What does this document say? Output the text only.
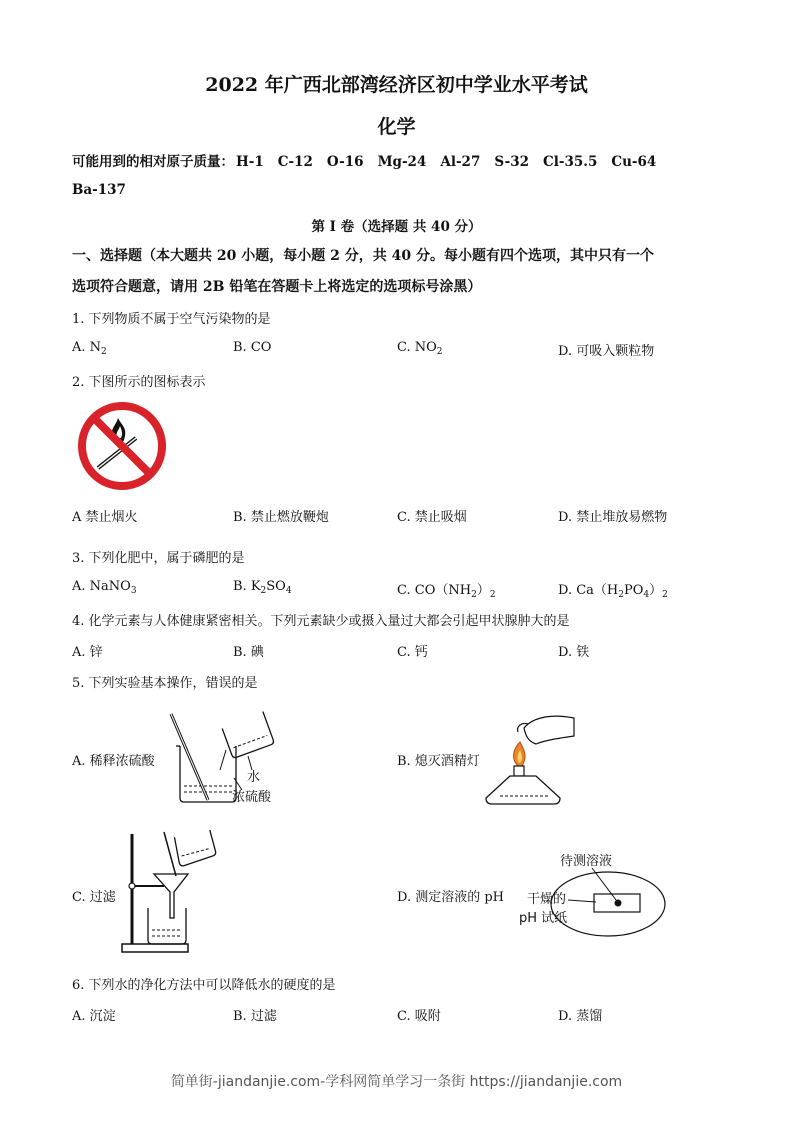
2022 年广西北部湾经济区初中学业水平考试
化学
可能用到的相对原子质量： H-1 C-12 O-16 Mg-24 Al-27 S-32 Cl-35.5 Cu-64
Ba-137
第 I 卷（选择题 共 40 分）
一、选择题（本大题共 20 小题，每小题 2 分，共 40 分。每小题有四个选项，其中只有一个
选项符合题意，请用 2B 铅笔在答题卡上将选定的选项标号涂黑）
1. 下列物质不属于空气污染物的是
A. $N_2$	B. CO	C. $NO_2$	D. 可吸入颗粒物
2. 下图所示的图标表示
A 禁止烟火	B. 禁止燃放鞭炮	C. 禁止吸烟	D. 禁止堆放易燃物
3. 下列化肥中，属于磷肥的是
A. NaNO$_3$	B. $K_2SO_4$	C. $CO(NH_2)_2$	D. $Ca(H_2PO_4)_2$
4. 化学元素与人体健康紧密相关。下列元素缺少或摄入量过大都会引起甲状腺肿大的是
A. 锌	B. 碘	C. 钙	D. 铁
5. 下列实验基本操作，错误的是
A. 稀释浓硫酸
水
浓硫酸
B. 熄灭酒精灯
C. 过滤	D. 测定溶液的 pH
待测溶液
干燥的
pH 试纸
6. 下列水的净化方法中可以降低水的硬度的是
A. 沉淀	B. 过滤	C. 吸附	D. 蒸馏
简单街-jiandanjie.com-学科网简单学习一条街 https://jiandanjie.com
